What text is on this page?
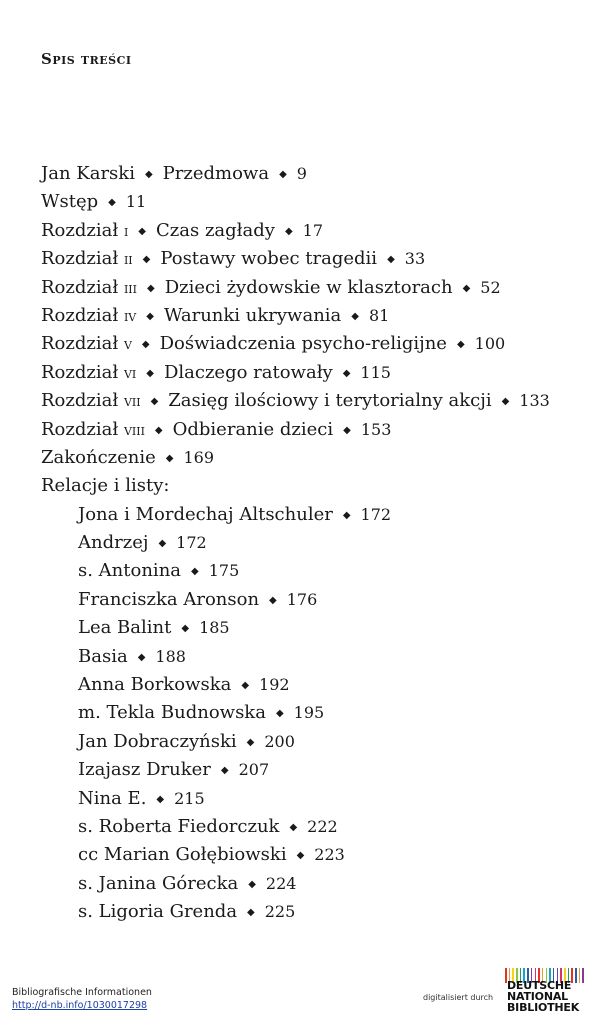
Spis treści
Jan Karski ◆ Przedmowa ◆ 9
Wstęp ◆ 11
Rozdział i ◆ Czas zagłady ◆ 17
Rozdział ii ◆ Postawy wobec tragedii ◆ 33
Rozdział iii ◆ Dzieci żydowskie w klasztorach ◆ 52
Rozdział iv ◆ Warunki ukrywania ◆ 81
Rozdział v ◆ Doświadczenia psycho-religijne ◆ 100
Rozdział vi ◆ Dlaczego ratowały ◆ 115
Rozdział vii ◆ Zasięg ilościowy i terytorialny akcji ◆ 133
Rozdział viii ◆ Odbieranie dzieci ◆ 153
Zakończenie ◆ 169
Relacje i listy:
Jona i Mordechaj Altschuler ◆ 172
Andrzej ◆ 172
s. Antonina ◆ 175
Franciszka Aronson ◆ 176
Lea Balint ◆ 185
Basia ◆ 188
Anna Borkowska ◆ 192
m. Tekla Budnowska ◆ 195
Jan Dobraczyński ◆ 200
Izajasz Druker ◆ 207
Nina E. ◆ 215
s. Roberta Fiedorczuk ◆ 222
cc Marian Gołębiowski ◆ 223
s. Janina Górecka ◆ 224
s. Ligoria Grenda ◆ 225
Bibliografische Informationen
http://d-nb.info/1030017298
digitalisiert durch
DEUTSCHE
NATIONAL
BIBLIOTHEK
